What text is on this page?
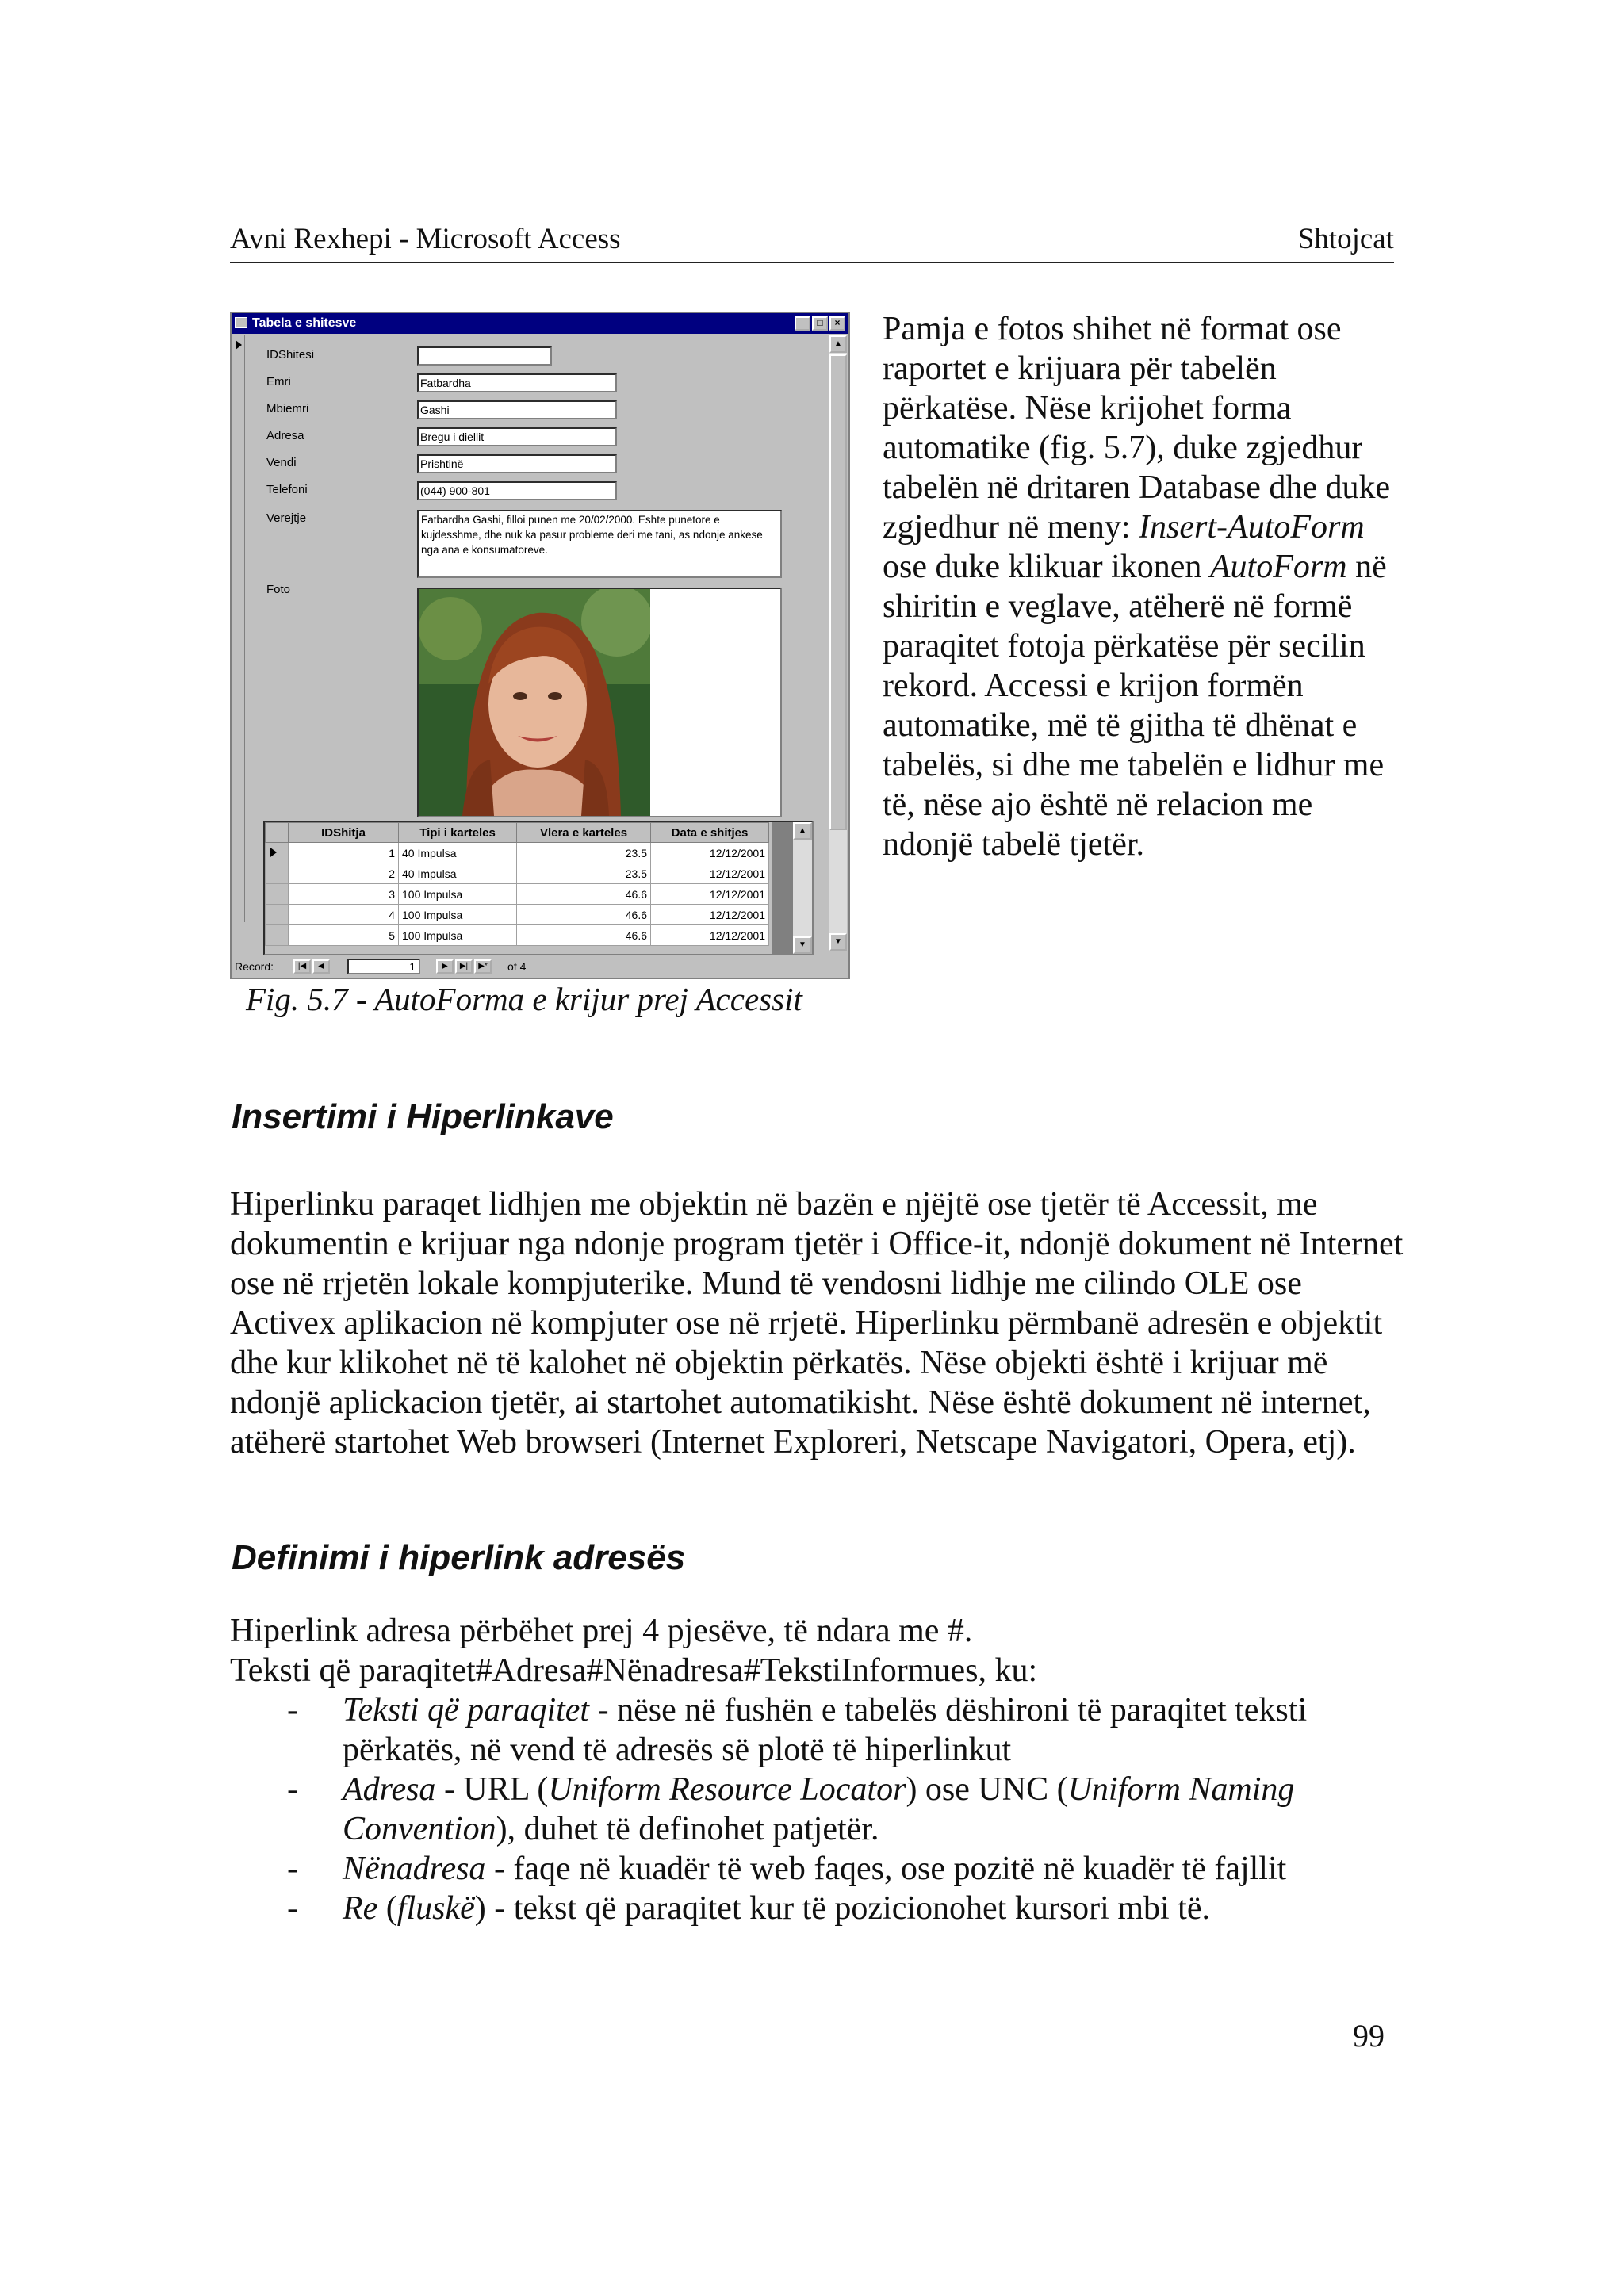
Avni Rexhepi - Microsoft Access	Shtojcat
Tabela e shitesve	_	□	×
▲
▼
IDShitesi
Emri	Fatbardha
Mbiemri	Gashi
Adresa	Bregu i diellit
Vendi	Prishtinë
Telefoni	(044) 900-801
Verejtje	Fatbardha Gashi, filloi punen me 20/02/2000. Eshte punetore e kujdesshme, dhe nuk ka pasur probleme deri me tani, as ndonje ankese nga ana e konsumatoreve.
Foto
	IDShitja	Tipi i karteles	Vlera e karteles	Data e shitjes

	1	40 Impulsa	23.5	12/12/2001
	2	40 Impulsa	23.5	12/12/2001
	3	100 Impulsa	46.6	12/12/2001
	4	100 Impulsa	46.6	12/12/2001
	5	100 Impulsa	46.6	12/12/2001
▲
▼
Record:	|◀	◀	1	▶	▶|	▶*	of 4
Fig. 5.7 - AutoForma e krijur prej Accessit

Pamja e fotos shihet në format ose raportet e krijuara për tabelën përkatëse. Nëse krijohet forma automatike (fig. 5.7), duke zgjedhur tabelën në dritaren Database dhe duke zgjedhur në meny: Insert-AutoForm ose duke klikuar ikonen AutoForm në shiritin e veglave, atëherë në formë paraqitet fotoja përkatëse për secilin rekord. Accessi e krijon formën automatike, më të gjitha të dhënat e tabelës, si dhe me tabelën e lidhur me të, nëse ajo është në relacion me ndonjë tabelë tjetër.

Insertimi i Hiperlinkave

Hiperlinku paraqet lidhjen me objektin në bazën e njëjtë ose tjetër të Accessit, me dokumentin e krijuar nga ndonje program tjetër i Office-it, ndonjë dokument në Internet ose në rrjetën lokale kompjuterike. Mund të vendosni lidhje me cilindo OLE ose Activex aplikacion në kompjuter ose në rrjetë. Hiperlinku përmbanë adresën e objektit dhe kur klikohet në të kalohet në objektin përkatës. Nëse objekti është i krijuar më ndonjë aplickacion tjetër, ai startohet automatikisht. Nëse është dokument në internet, atëherë startohet Web browseri (Internet Exploreri, Netscape Navigatori, Opera, etj).

Definimi i hiperlink adresës

Hiperlink adresa përbëhet prej 4 pjesëve, të ndara me #.
Teksti që paraqitet#Adresa#Nënadresa#TekstiInformues, ku:

- Teksti që paraqitet - nëse në fushën e tabelës dëshironi të paraqitet teksti përkatës, në vend të adresës së plotë të hiperlinkut
- Adresa - URL (Uniform Resource Locator) ose UNC (Uniform Naming Convention), duhet të definohet patjetër.
- Nënadresa - faqe në kuadër të web faqes, ose pozitë në kuadër të fajllit
- Re (fluskë) - tekst që paraqitet kur të pozicionohet kursori mbi të.
99
